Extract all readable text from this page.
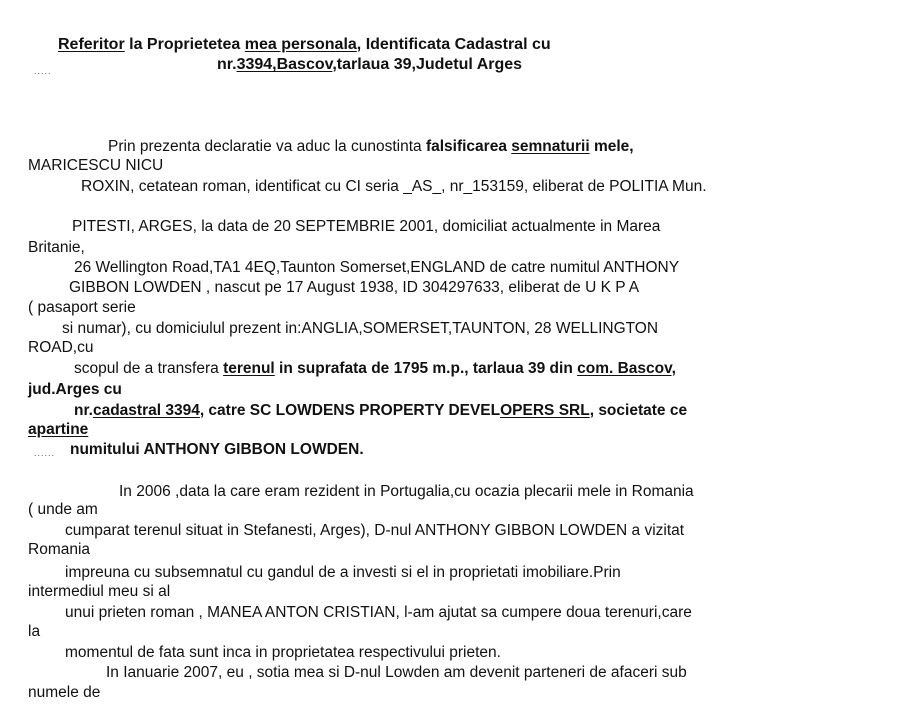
Referitor la Proprietetea mea personala, Identificata Cadastral cu
.....	nr.3394,Bascov,tarlaua 39,Judetul Arges
Prin prezenta declaratie va aduc la cunostinta falsificarea semnaturii mele,
MARICESCU NICU
ROXIN, cetatean roman, identificat cu CI seria _AS_, nr_153159, eliberat de POLITIA Mun.
PITESTI, ARGES, la data de 20 SEPTEMBRIE 2001, domiciliat actualmente in Marea
Britanie,
26 Wellington Road,TA1 4EQ,Taunton Somerset,ENGLAND de catre numitul ANTHONY
GIBBON LOWDEN , nascut pe 17 August 1938, ID 304297633, eliberat de U K P A
( pasaport serie
si numar), cu domiciulul prezent in:ANGLIA,SOMERSET,TAUNTON, 28 WELLINGTON
ROAD,cu
scopul de a transfera terenul in suprafata de 1795 m.p., tarlaua 39 din com. Bascov,
jud.Arges cu
nr.cadastral 3394, catre SC LOWDENS PROPERTY DEVELOPERS SRL, societate ce
apartine
...... numitului ANTHONY GIBBON LOWDEN.
In 2006 ,data la care eram rezident in Portugalia,cu ocazia plecarii mele in Romania
( unde am
cumparat terenul situat in Stefanesti, Arges), D-nul ANTHONY GIBBON LOWDEN a vizitat
Romania
impreuna cu subsemnatul cu gandul de a investi si el in proprietati imobiliare.Prin
intermediul meu si al
unui prieten roman , MANEA ANTON CRISTIAN, l-am ajutat sa cumpere doua terenuri,care
la
momentul de fata sunt inca in proprietatea respectivului prieten.
In Ianuarie 2007, eu , sotia mea si D-nul Lowden am devenit parteneri de afaceri sub
numele de
